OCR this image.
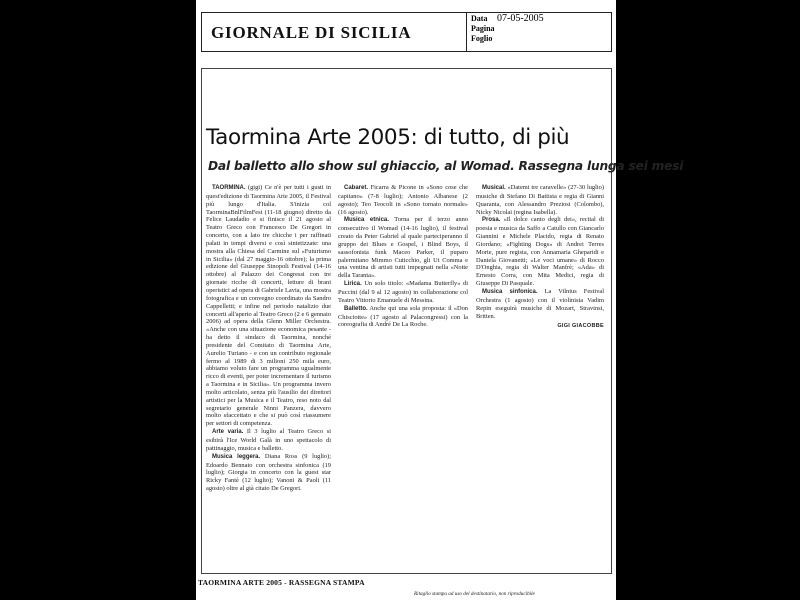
GIORNALE DI SICILIA
Data 07-05-2005
Pagina
Foglio
Taormina Arte 2005: di tutto, di più
Dal balletto allo show sul ghiaccio, al Womad. Rassegna lunga sei mesi

TAORMINA. (gigi) Ce n'è per tutti i gusti in quest'edizione di Taormina Arte 2005, il Festival più lungo d'Italia. S'inizia col TaorminaBnlFilmFest (11-18 giugno) diretto da Felice Laudadio e si finisce il 21 agosto al Teatro Greco con Francesco De Gregori in concerto, con a lato tre chicche i per raffinati palati in tempi diversi e così sintetizzate: una mostra alla Chiesa del Carmine sul «Futurismo in Sicilia» (dal 27 maggio-16 ottobre); la prima edizione del Giuseppe Sinopoli Festival (14-16 ottobre) al Palazzo dei Congressi con tre giornate ricche di concerti, letture di brani operistici ad opera di Gabriele Lavia, una mostra fotografica e un convegno coordinato da Sandro Cappelletti; e infine nel periodo natalizio due concerti all'aperto al Teatro Greco (2 e 6 gennaio 2006) ad opera della Glenn Miller Orchestra. «Anche con una situazione economica pesante - ha detto il sindaco di Taormina, nonché presidente del Comitato di Taormina Arte, Aurelio Turiano - e con un contributo regionale fermo al 1989 di 3 milioni 250 mila euro, abbiamo voluto fare un programma ugualmente ricco di eventi, per poter incrementare il turismo a Taormina e in Sicilia». Un programma invero molto articolato, senza più l'ausilio dei direttori artistici per la Musica e il Teatro, reso noto dal segretario generale Ninni Panzera, davvero molto sfaccettato e che si può così riassumere per settori di competenza.

Arte varia. Il 3 luglio al Teatro Greco si esibirà l'Ice World Galà in uno spettacolo di pattinaggio, musica e balletto.

Musica leggera. Diana Ross (9 luglio); Edoardo Bennato con orchestra sinfonica (19 luglio); Giorgia in concerto con la guest star Ricky Fantè (12 luglio); Vanoni & Paoli (11 agosto) oltre al già citato De Gregori.

Cabaret. Ficarra & Picone in «Sono cose che capitano» (7-8 luglio); Antonio Albanese (2 agosto); Teo Teocoli in «Sono tornato normale» (16 agosto).

Musica etnica. Torna per il terzo anno consecutivo il Womad (14-16 luglio), il festival creato da Peter Gabriel al quale parteciperanno il gruppo dei Blues e Gospel, i Blind Boys, il sassofonista funk Maceo Parker, il puparo palermitano Mimmo Cuticchio, gli Ut Comma e una ventina di artisti tutti impegnati nella «Notte della Taranta».

Lirica. Un solo titolo: «Madama Butterfly» di Puccini (dal 9 al 12 agosto) in collaborazione col Teatro Vittorio Emanuele di Messina.

Balletto. Anche qui una sola proposta: il «Don Chisciotte» (17 agosto al Palacongressi) con la coreografia di André De La Roche.

Musical. «Datemi tre caravelle» (27-30 luglio) musiche di Stefano Di Battista e regia di Gianni Quaranta, con Alessandro Preziosi (Colombo), Nicky Nicolai (regina Isabella).

Prosa. «Il dolce canto degli dei», recital di poesia e musica da Saffo a Catullo con Giancarlo Giannini e Michele Placido, regia di Renato Giordano; «Fighting Dogs» di Andrei Terres Morte, pure regista, con Annamaria Gheparidi e Daniela Giovanetti; «Le voci umane» di Rocco D'Onghia, regia di Walter Manfrè; «Ada» di Ernesto Corra, con Mita Medici, regia di Giuseppe Di Pasquale.

Musica sinfonica. La Vilnius Festival Orchestra (1 agosto) con il violinista Vadim Repin eseguirà musiche di Mozart, Stravinsi, Britten.

GIGI GIACOBBE
TAORMINA ARTE 2005 - RASSEGNA STAMPA
Ritaglio stampa ad uso del destinatario, non riproducibile
